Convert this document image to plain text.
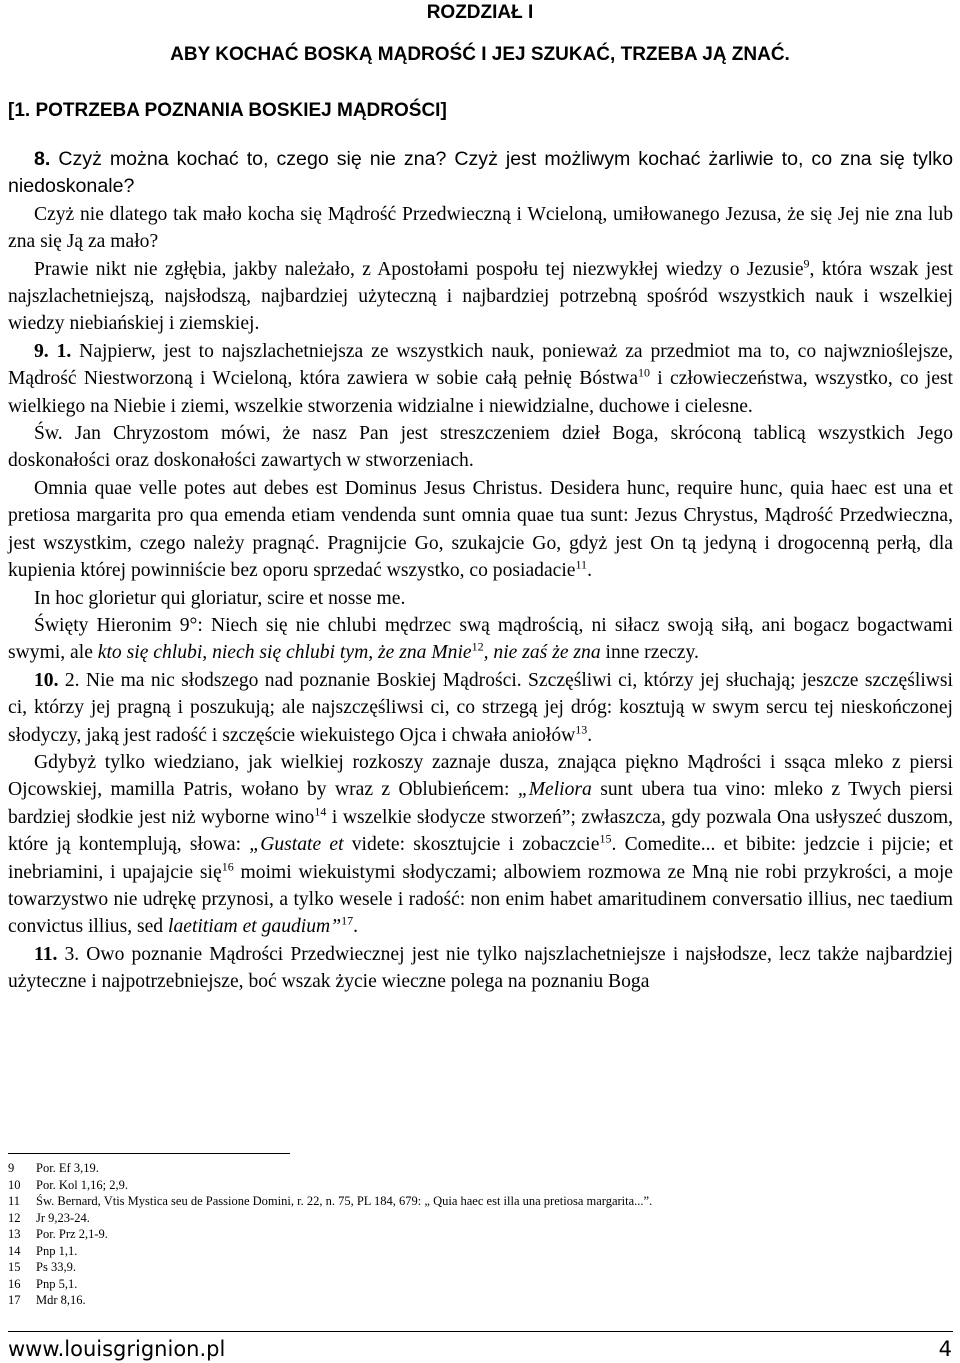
ROZDZIAŁ I
ABY KOCHAĆ BOSKĄ MĄDROŚĆ I JEJ SZUKAĆ, TRZEBA JĄ ZNAĆ.
[1. POTRZEBA POZNANIA BOSKIEJ MĄDROŚCI]

8. Czyż można kochać to, czego się nie zna? Czyż jest możliwym kochać żarliwie to, co zna się tylko niedoskonale?

Czyż nie dlatego tak mało kocha się Mądrość Przedwieczną i Wcieloną, umiłowanego Jezusa, że się Jej nie zna lub zna się Ją za mało?

Prawie nikt nie zgłębia, jakby należało, z Apostołami pospołu tej niezwykłej wiedzy o Jezusie$^9$, która wszak jest najszlachetniejszą, najsłodszą, najbardziej użyteczną i najbardziej potrzebną spośród wszystkich nauk i wszelkiej wiedzy niebiańskiej i ziemskiej.

9. 1. Najpierw, jest to najszlachetniejsza ze wszystkich nauk, ponieważ za przedmiot ma to, co najwznioślejsze, Mądrość Niestworzoną i Wcieloną, która zawiera w sobie całą pełnię Bóstwa$^{10}$ i człowieczeństwa, wszystko, co jest wielkiego na Niebie i ziemi, wszelkie stworzenia widzialne i niewidzialne, duchowe i cielesne.

Św. Jan Chryzostom mówi, że nasz Pan jest streszczeniem dzieł Boga, skróconą tablicą wszystkich Jego doskonałości oraz doskonałości zawartych w stworzeniach.

Omnia quae velle potes aut debes est Dominus Jesus Christus. Desidera hunc, require hunc, quia haec est una et pretiosa margarita pro qua emenda etiam vendenda sunt omnia quae tua sunt: Jezus Chrystus, Mądrość Przedwieczna, jest wszystkim, czego należy pragnąć. Pragnijcie Go, szukajcie Go, gdyż jest On tą jedyną i drogocenną perłą, dla kupienia której powinniście bez oporu sprzedać wszystko, co posiadacie$^{11}$.

In hoc glorietur qui gloriatur, scire et nosse me.

Święty Hieronim 9°: Niech się nie chlubi mędrzec swą mądrością, ni siłacz swoją siłą, ani bogacz bogactwami swymi, ale kto się chlubi, niech się chlubi tym, że zna Mnie$^{12}$, nie zaś że zna inne rzeczy.

10. 2. Nie ma nic słodszego nad poznanie Boskiej Mądrości. Szczęśliwi ci, którzy jej słuchają; jeszcze szczęśliwsi ci, którzy jej pragną i poszukują; ale najszczęśliwsi ci, co strzegą jej dróg: kosztują w swym sercu tej nieskończonej słodyczy, jaką jest radość i szczęście wiekuistego Ojca i chwała aniołów$^{13}$.

Gdybyż tylko wiedziano, jak wielkiej rozkoszy zaznaje dusza, znająca piękno Mądrości i ssąca mleko z piersi Ojcowskiej, mamilla Patris, wołano by wraz z Oblubieńcem: „Meliora sunt ubera tua vino: mleko z Twych piersi bardziej słodkie jest niż wyborne wino$^{14}$ i wszelkie słodycze stworzeń”; zwłaszcza, gdy pozwala Ona usłyszeć duszom, które ją kontemplują, słowa: „Gustate et videte: skosztujcie i zobaczcie$^{15}$. Comedite... et bibite: jedzcie i pijcie; et inebriamini, i upajajcie się$^{16}$ moimi wiekuistymi słodyczami; albowiem rozmowa ze Mną nie robi przykrości, a moje towarzystwo nie udrękę przynosi, a tylko wesele i radość: non enim habet amaritudinem conversatio illius, nec taedium convictus illius, sed laetitiam et gaudium”$^{17}$.

11. 3. Owo poznanie Mądrości Przedwiecznej jest nie tylko najszlachetniejsze i najsłodsze, lecz także najbardziej użyteczne i najpotrzebniejsze, boć wszak życie wieczne polega na poznaniu Boga

9	Por. Ef 3,19.
10	Por. Kol 1,16; 2,9.
11	Św. Bernard, Vtis Mystica seu de Passione Domini, r. 22, n. 75, PL 184, 679: „ Quia haec est illa una pretiosa margarita...”.
12	Jr 9,23-24.
13	Por. Prz 2,1-9.
14	Pnp 1,1.
15	Ps 33,9.
16	Pnp 5,1.
17	Mdr 8,16.
www.louisgrignion.pl	4
